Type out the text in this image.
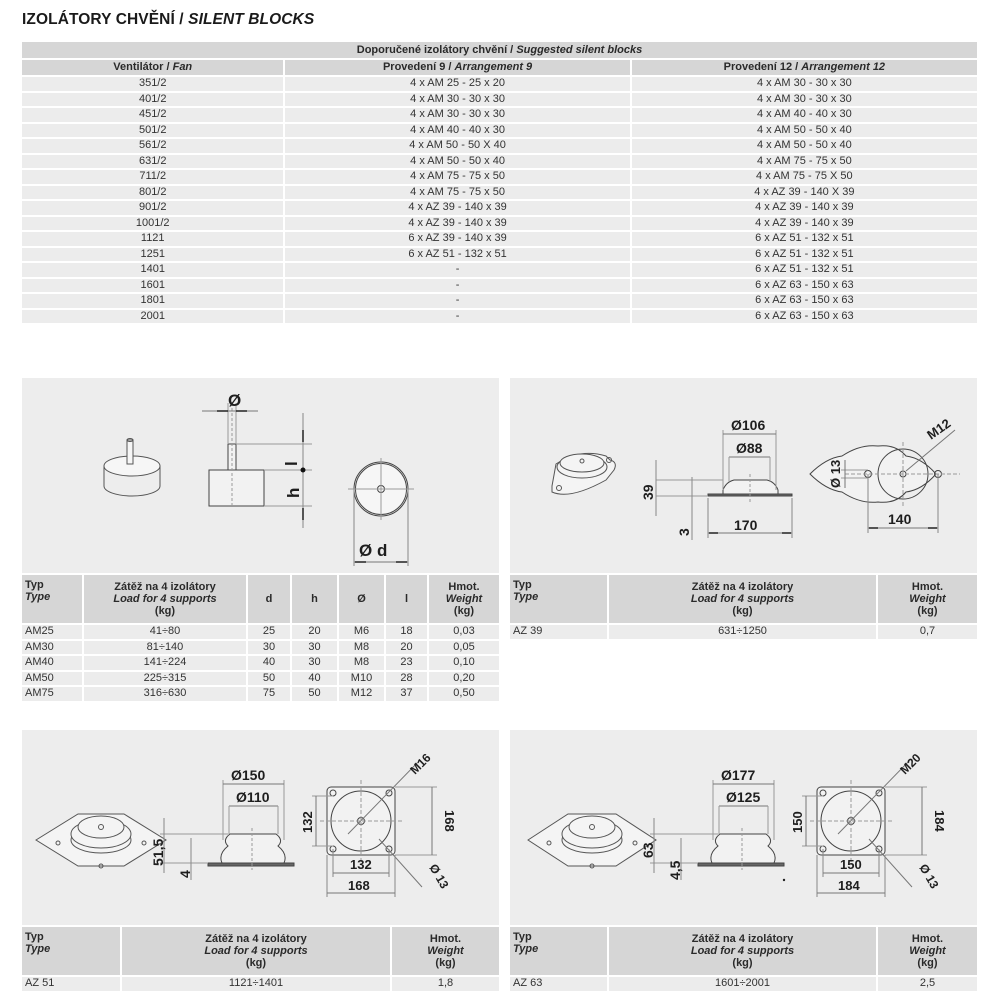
IZOLÁTORY CHVĚNÍ / SILENT BLOCKS
Doporučené izolátory chvění / Suggested silent blocks		
Ventilátor / Fan	Provedení 9 / Arrangement 9	Provedení 12 / Arrangement 12
351/2	4 x AM 25 - 25 x 20	4 x AM 30 - 30 x 30
401/2	4 x AM 30 - 30 x 30	4 x AM 30 - 30 x 30
451/2	4 x AM 30 - 30 x 30	4 x AM 40 - 40 x 30
501/2	4 x AM 40 - 40 x 30	4 x AM 50 - 50 x 40
561/2	4 x AM 50 - 50 X 40	4 x AM 50 - 50 x 40
631/2	4 x AM 50 - 50 x 40	4 x AM 75 - 75 x 50
711/2	4 x AM 75 - 75 x 50	4 x AM 75 - 75 X 50
801/2	4 x AM 75 - 75 x 50	4 x AZ 39 - 140 X 39
901/2	4 x AZ 39 - 140 x 39	4 x AZ 39 - 140 x 39
1001/2	4 x AZ 39 - 140 x 39	4 x AZ 39 - 140 x 39
1121	6 x AZ 39 - 140 x 39	6 x AZ 51 - 132 x 51
1251	6 x AZ 51 - 132 x 51	6 x AZ 51 - 132 x 51
1401	-	6 x AZ 51 - 132 x 51
1601	-	6 x AZ 63 - 150 x 63
1801	-	6 x AZ 63 - 150 x 63
2001	-	6 x AZ 63 - 150 x 63
Ø
l
h
Ø d
Ø106
Ø88
39
3	170
M12
Ø 13
140
Typ
Type	Zátěž na 4 izolátory
Load for 4 supports
(kg)	d	h	Ø	l	Hmot.
Weight
(kg)
AM25	41÷80	25	20	M6	18	0,03
AM30	81÷140	30	30	M8	20	0,05
AM40	141÷224	40	30	M8	23	0,10
AM50	225÷315	50	40	M10	28	0,20
AM75	316÷630	75	50	M12	37	0,50
Typ
Type	Zátěž na 4 izolátory
Load for 4 supports
(kg)	Hmot.
Weight
(kg)
AZ 39	631÷1250	0,7
Ø150
Ø110
51,5
4
132	168
132
168
M16
Ø 13
Ø177
Ø125
63
4,5
150	184
150
184
M20
Ø 13
Typ
Type	Zátěž na 4 izolátory
Load for 4 supports
(kg)	Hmot.
Weight
(kg)
AZ 51	1121÷1401	1,8
Typ
Type	Zátěž na 4 izolátory
Load for 4 supports
(kg)	Hmot.
Weight
(kg)
AZ 63	1601÷2001	2,5
